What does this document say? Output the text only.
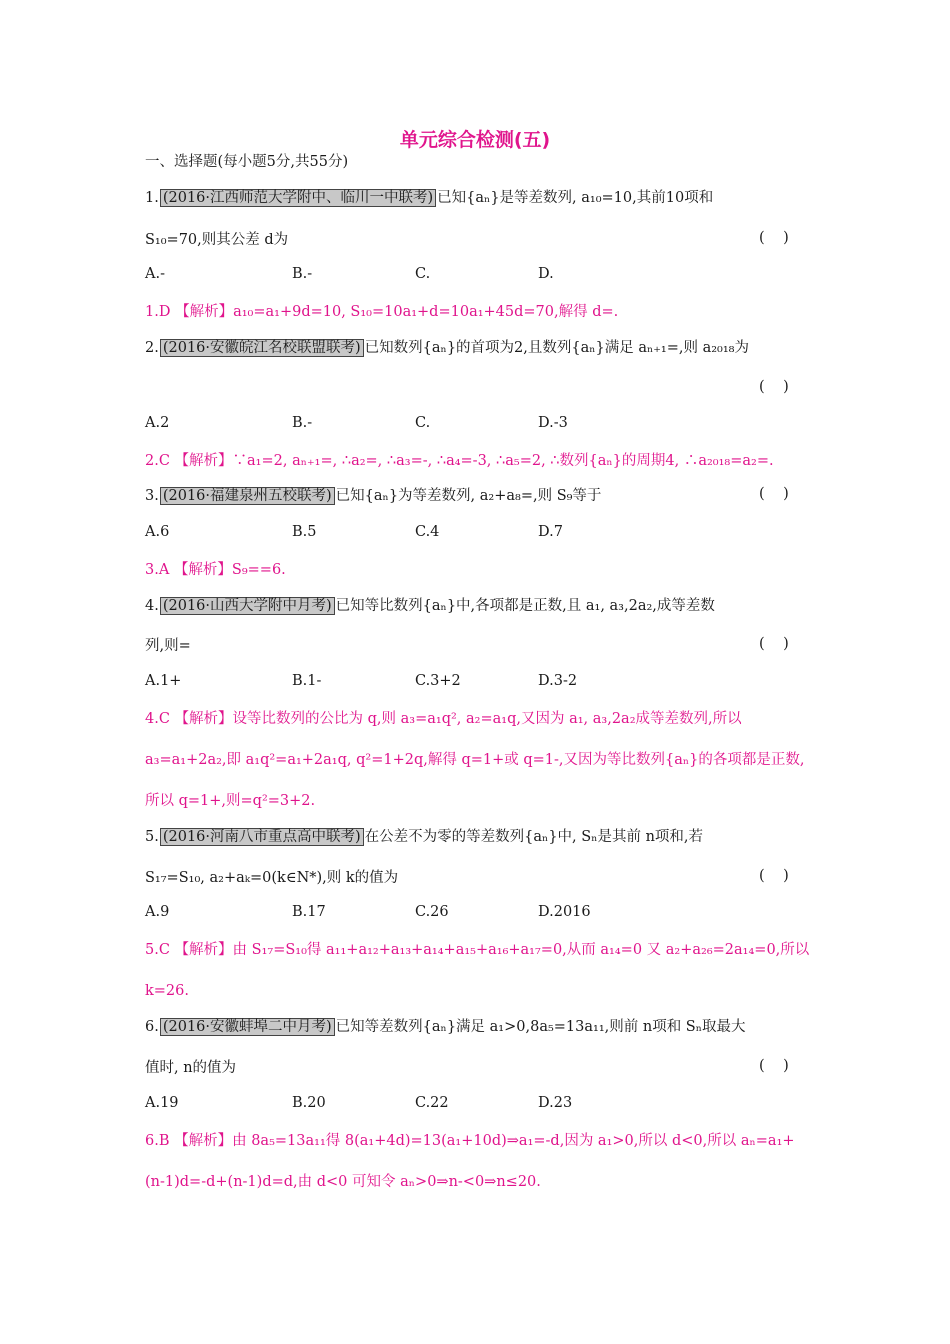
单元综合检测(五)
一、选择题(每小题5分,共55分)
1. (2016·江西师范大学附中、临川一中联考) 已知{aₙ}是等差数列, a₁₀=10,其前10项和
S₁₀=70,则其公差 d为	(    )
A.-	B.-	C.	D.
1.D 【解析】a₁₀=a₁+9d=10, S₁₀=10a₁+d=10a₁+45d=70,解得 d=.
2. (2016·安徽皖江名校联盟联考) 已知数列{aₙ}的首项为2,且数列{aₙ}满足 aₙ₊₁=,则 a₂₀₁₈为
(    )
A.2	B.-	C.	D.-3
2.C 【解析】∵a₁=2, aₙ₊₁=, ∴a₂=, ∴a₃=-, ∴a₄=-3, ∴a₅=2, ∴数列{aₙ}的周期4, ∴a₂₀₁₈=a₂=.
3. (2016·福建泉州五校联考) 已知{aₙ}为等差数列, a₂+a₈=,则 S₉等于	(    )
A.6	B.5	C.4	D.7
3.A 【解析】S₉==6.
4. (2016·山西大学附中月考) 已知等比数列{aₙ}中,各项都是正数,且 a₁, a₃,2a₂,成等差数
列,则=	(    )
A.1+	B.1-	C.3+2	D.3-2
4.C 【解析】设等比数列的公比为 q,则 a₃=a₁q², a₂=a₁q,又因为 a₁, a₃,2a₂成等差数列,所以
a₃=a₁+2a₂,即 a₁q²=a₁+2a₁q, q²=1+2q,解得 q=1+或 q=1-,又因为等比数列{aₙ}的各项都是正数,
所以 q=1+,则=q²=3+2.
5. (2016·河南八市重点高中联考) 在公差不为零的等差数列{aₙ}中, Sₙ是其前 n项和,若
S₁₇=S₁₀, a₂+aₖ=0(k∈N*),则 k的值为	(    )
A.9	B.17	C.26	D.2016
5.C 【解析】由 S₁₇=S₁₀得 a₁₁+a₁₂+a₁₃+a₁₄+a₁₅+a₁₆+a₁₇=0,从而 a₁₄=0 又 a₂+a₂₆=2a₁₄=0,所以
k=26.
6. (2016·安徽蚌埠二中月考) 已知等差数列{aₙ}满足 a₁>0,8a₅=13a₁₁,则前 n项和 Sₙ取最大
值时, n的值为	(    )
A.19	B.20	C.22	D.23
6.B 【解析】由 8a₅=13a₁₁得 8(a₁+4d)=13(a₁+10d)⇒a₁=-d,因为 a₁>0,所以 d<0,所以 aₙ=a₁+
(n-1)d=-d+(n-1)d=d,由 d<0 可知令 aₙ>0⇒n-<0⇒n≤20.
